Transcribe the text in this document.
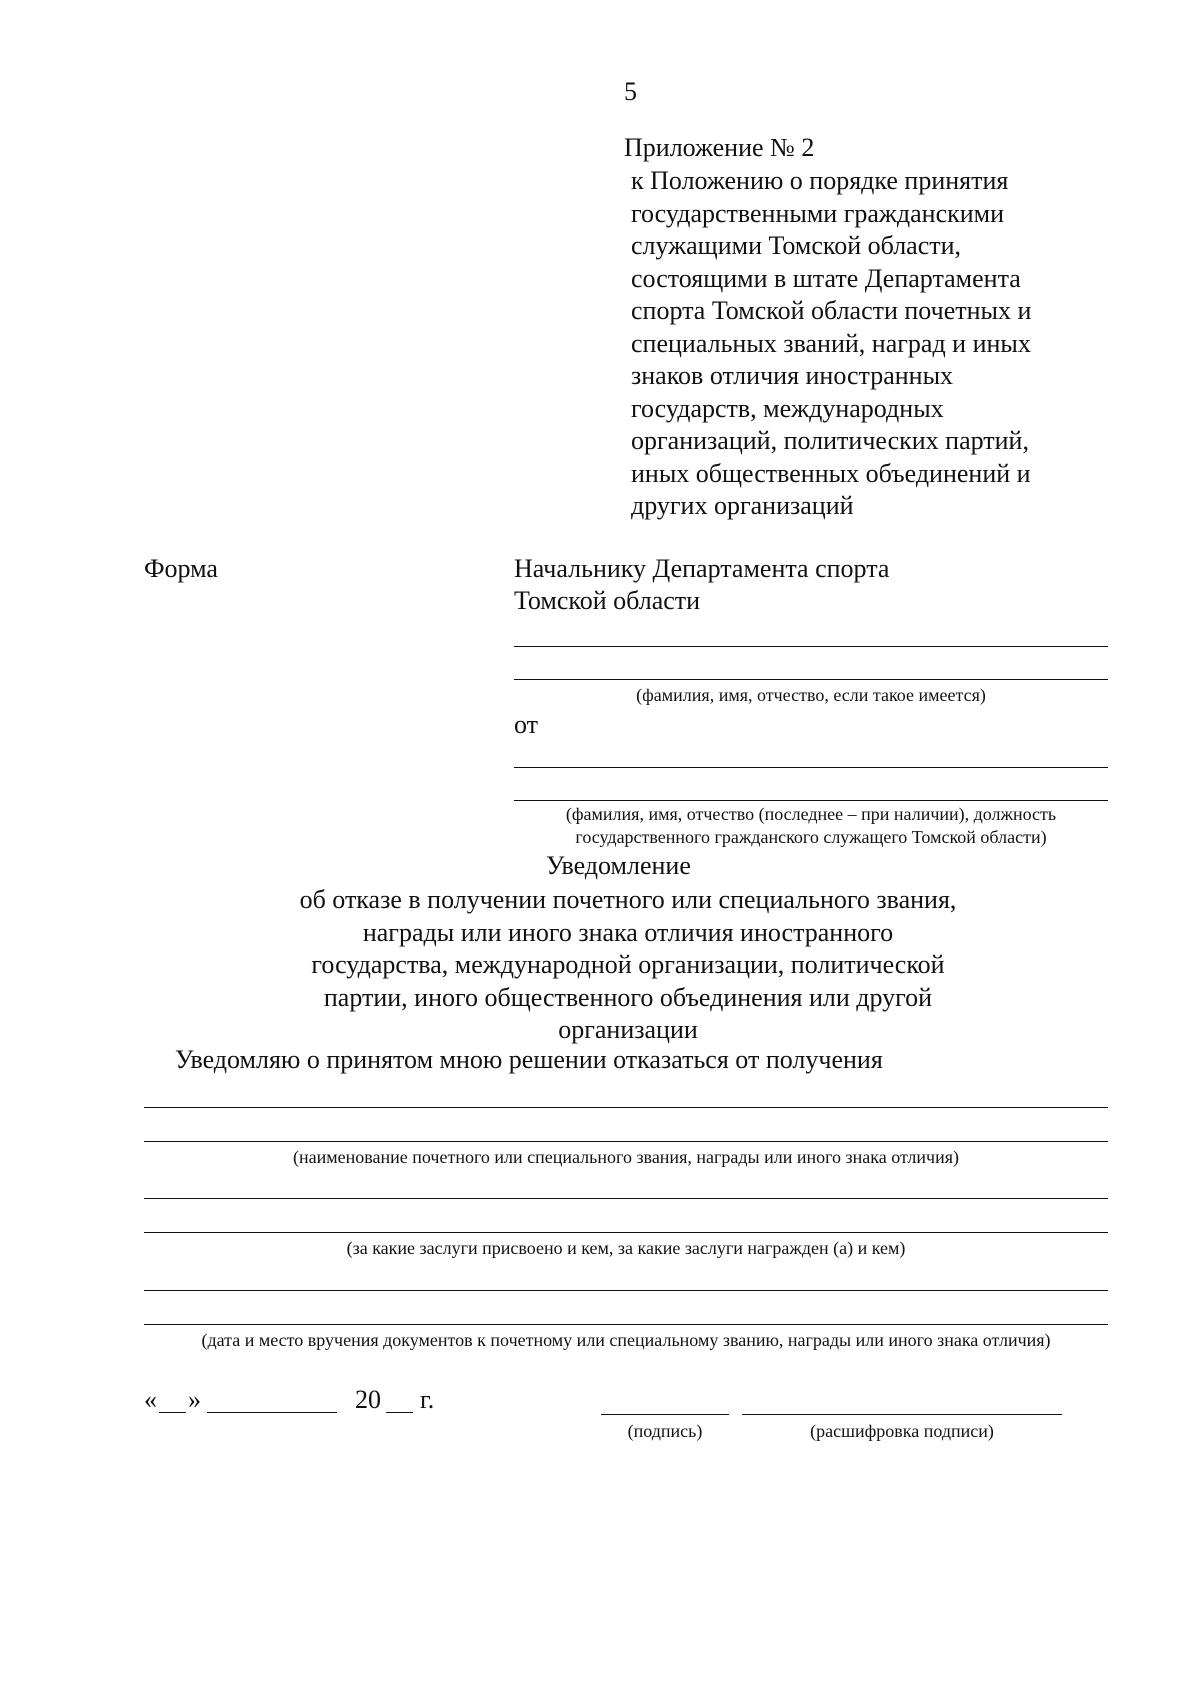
5
Приложение № 2
к Положению о порядке принятия
государственными гражданскими
служащими Томской области,
состоящими в штате Департамента
спорта Томской области почетных и
специальных званий, наград и иных
знаков отличия иностранных
государств, международных
организаций, политических партий,
иных общественных объединений и
других организаций
Форма	Начальнику Департамента спорта
Томской области
(фамилия, имя, отчество, если такое имеется)
от
(фамилия, имя, отчество (последнее – при наличии), должность
государственного гражданского служащего Томской области)
Уведомление
об отказе в получении почетного или специального звания,
награды или иного знака отличия иностранного
государства, международной организации, политической
партии, иного общественного объединения или другой
организации
Уведомляю о принятом мною решении отказаться от получения
(наименование почетного или специального звания, награды или иного знака отличия)
(за какие заслуги присвоено и кем, за какие заслуги награжден (а) и кем)
(дата и место вручения документов к почетному или специальному званию, награды или иного знака отличия)
« »	20 г.
(подпись)	(расшифровка подписи)
